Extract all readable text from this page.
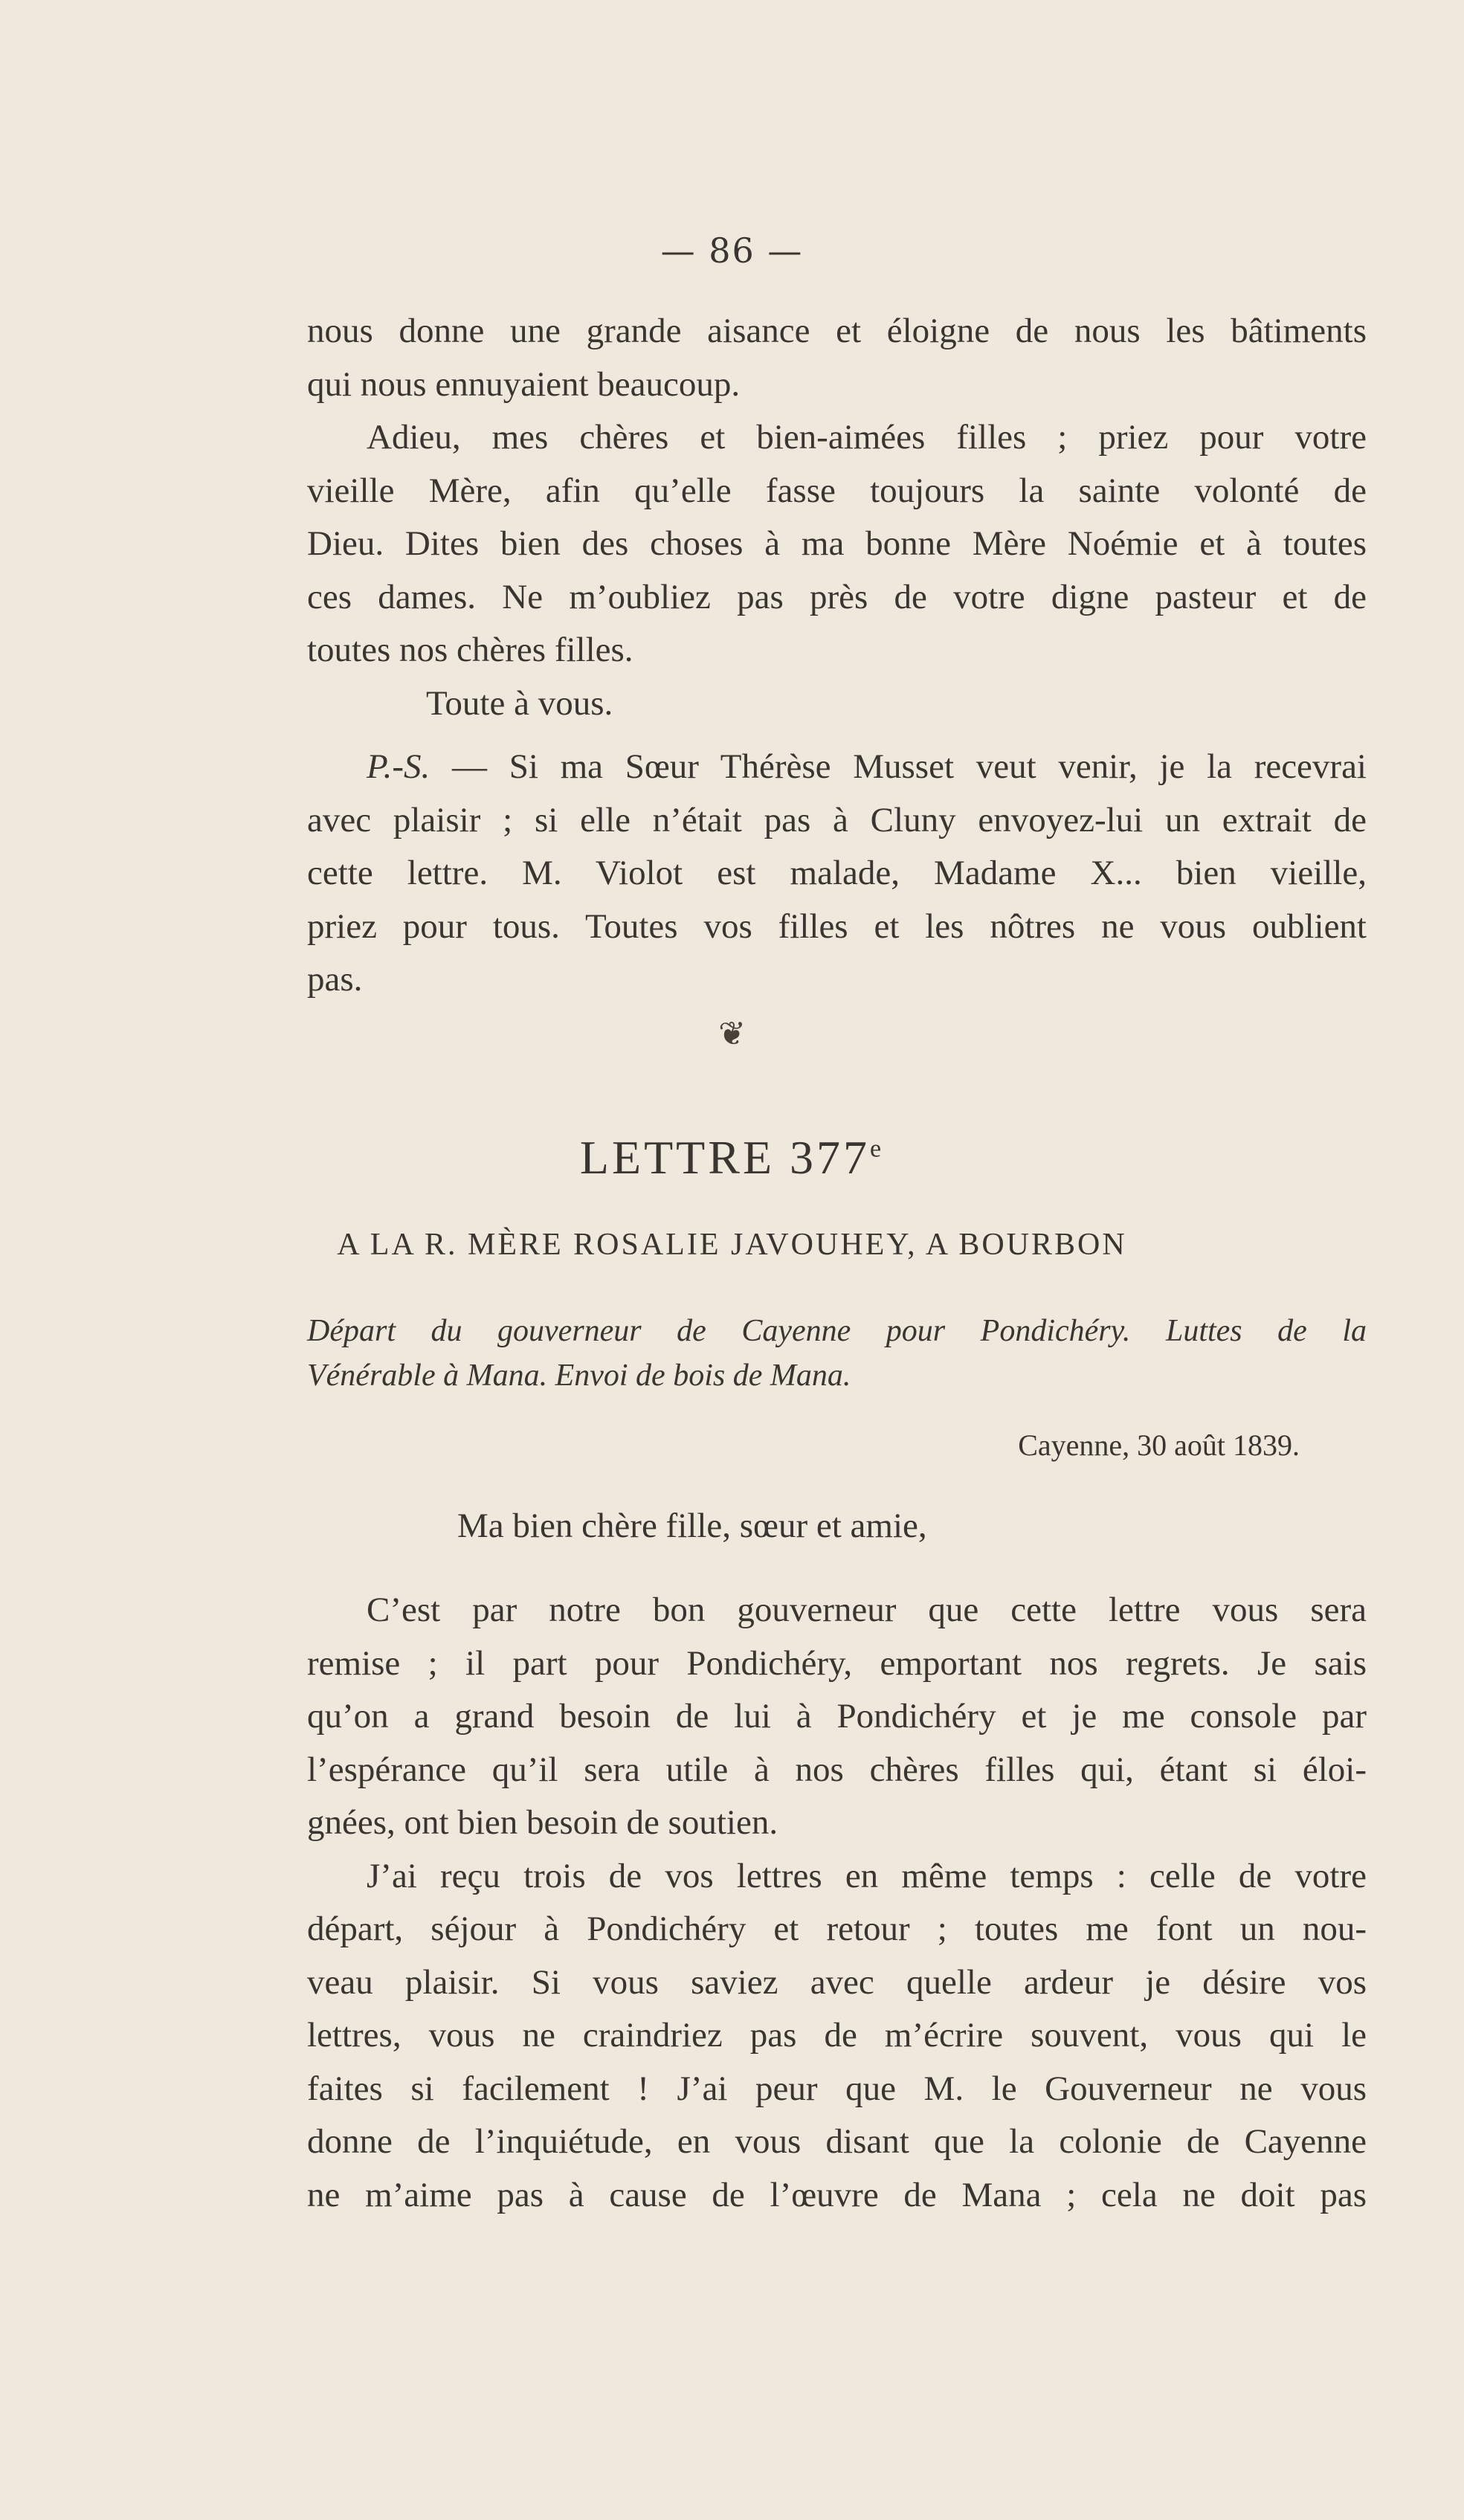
— 86 —
nous donne une grande aisance et éloigne de nous les bâtiments
qui nous ennuyaient beaucoup.
Adieu, mes chères et bien-aimées filles ; priez pour votre
vieille Mère, afin qu’elle fasse toujours la sainte volonté de
Dieu. Dites bien des choses à ma bonne Mère Noémie et à toutes
ces dames. Ne m’oubliez pas près de votre digne pasteur et de
toutes nos chères filles.
Toute à vous.
P.-S. — Si ma Sœur Thérèse Musset veut venir, je la recevrai
avec plaisir ; si elle n’était pas à Cluny envoyez-lui un extrait de
cette lettre. M. Violot est malade, Madame X... bien vieille,
priez pour tous. Toutes vos filles et les nôtres ne vous oublient
pas.
❦
LETTRE 377e
A LA R. MÈRE ROSALIE JAVOUHEY, A BOURBON
Départ du gouverneur de Cayenne pour Pondichéry. Luttes de la
Vénérable à Mana. Envoi de bois de Mana.
Cayenne, 30 août 1839.
Ma bien chère fille, sœur et amie,
C’est par notre bon gouverneur que cette lettre vous sera
remise ; il part pour Pondichéry, emportant nos regrets. Je sais
qu’on a grand besoin de lui à Pondichéry et je me console par
l’espérance qu’il sera utile à nos chères filles qui, étant si éloi-
gnées, ont bien besoin de soutien.
J’ai reçu trois de vos lettres en même temps : celle de votre
départ, séjour à Pondichéry et retour ; toutes me font un nou-
veau plaisir. Si vous saviez avec quelle ardeur je désire vos
lettres, vous ne craindriez pas de m’écrire souvent, vous qui le
faites si facilement ! J’ai peur que M. le Gouverneur ne vous
donne de l’inquiétude, en vous disant que la colonie de Cayenne
ne m’aime pas à cause de l’œuvre de Mana ; cela ne doit pas
